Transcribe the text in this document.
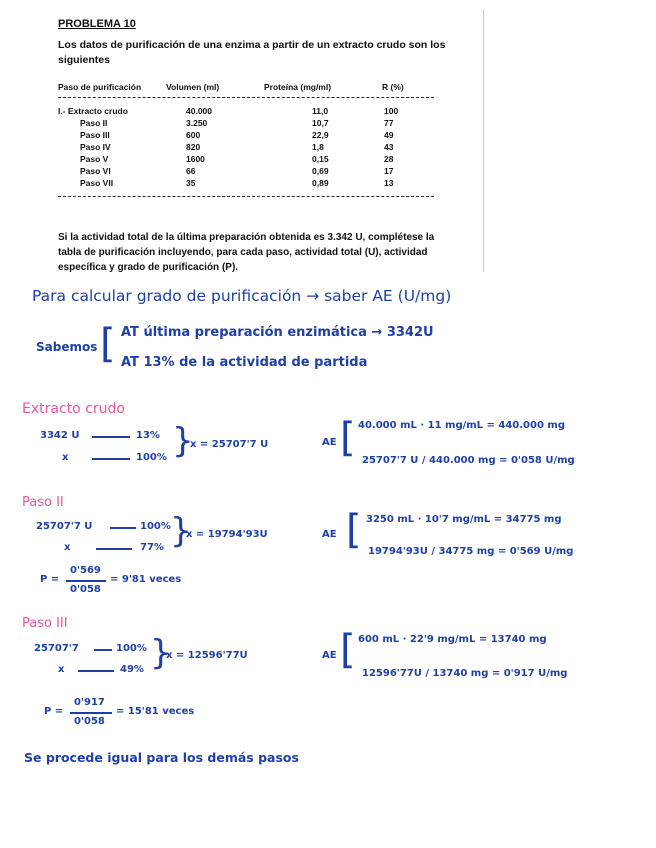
PROBLEMA 10
Los datos de purificación de una enzima a partir de un extracto crudo son los siguientes
Paso de purificación	Volumen (ml)	Proteína (mg/ml)	R (%)
I.- Extracto crudo	40.000	11,0	100
Paso II	3.250	10,7	77
Paso III	600	22,9	49
Paso IV	820	1,8	43
Paso V	1600	0,15	28
Paso VI	66	0,69	17
Paso VII	35	0,89	13
Si la actividad total de la última preparación obtenida es 3.342 U, complétese la tabla de purificación incluyendo, para cada paso, actividad total (U), actividad específica y grado de purificación (P).
Para calcular grado de purificación → saber AE (U/mg)
Sabemos [ AT última preparación enzimática → 3342U
AT 13% de la actividad de partida
Extracto crudo
3342 U	13%
x	100% }
x = 25707'7 U	AE [ 40.000 mL · 11 mg/mL = 440.000 mg
25707'7 U / 440.000 mg = 0'058 U/mg
Paso II
25707'7 U	100%
x	77% }
x = 19794'93U	AE [ 3250 mL · 10'7 mg/mL = 34775 mg
19794'93U / 34775 mg = 0'569 U/mg
P =
0'569
0'058
= 9'81 veces
Paso III
25707'7	100%
x	49% }
x = 12596'77U	AE [ 600 mL · 22'9 mg/mL = 13740 mg
12596'77U / 13740 mg = 0'917 U/mg
P =
0'917
0'058
= 15'81 veces
Se procede igual para los demás pasos
